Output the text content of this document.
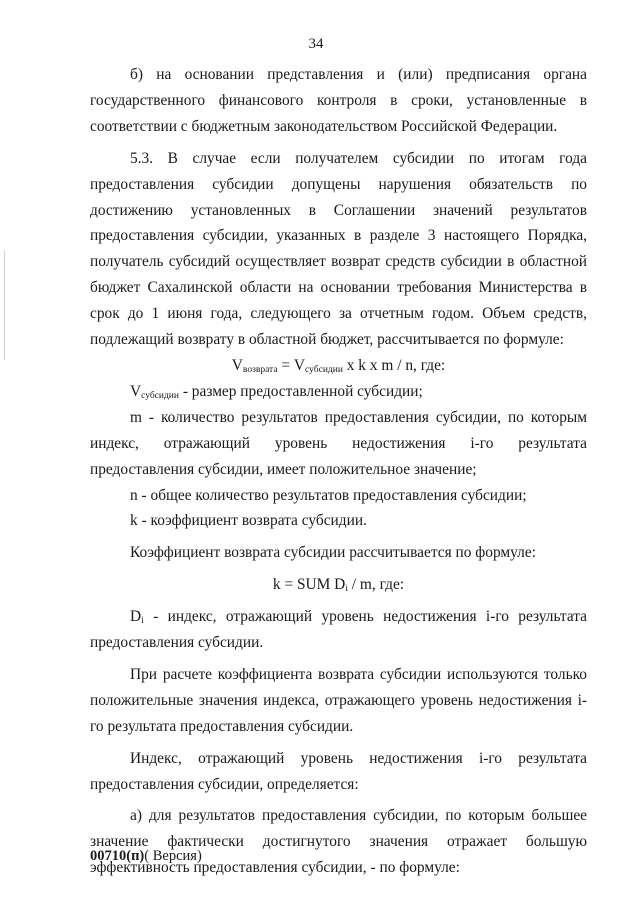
34

б) на основании представления и (или) предписания органа государственного финансового контроля в сроки, установленные в соответствии с бюджетным законодательством Российской Федерации.

5.3. В случае если получателем субсидии по итогам года предоставления субсидии допущены нарушения обязательств по достижению установленных в Соглашении значений результатов предоставления субсидии, указанных в разделе 3 настоящего Порядка, получатель субсидий осуществляет возврат средств субсидии в областной бюджет Сахалинской области на основании требования Министерства в срок до 1 июня года, следующего за отчетным годом. Объем средств, подлежащий возврату в областной бюджет, рассчитывается по формуле:

$V_{возврата} = V_{субсидии}$ x k x m / n, где:

$V_{субсидии}$ - размер предоставленной субсидии;

m - количество результатов предоставления субсидии, по которым индекс, отражающий уровень недостижения i-го результата предоставления субсидии, имеет положительное значение;

n - общее количество результатов предоставления субсидии;

k - коэффициент возврата субсидии.

Коэффициент возврата субсидии рассчитывается по формуле:

k = SUM $D_i$ / m, где:

$D_i$ - индекс, отражающий уровень недостижения i-го результата предоставления субсидии.

При расчете коэффициента возврата субсидии используются только положительные значения индекса, отражающего уровень недостижения i-го результата предоставления субсидии.

Индекс, отражающий уровень недостижения i-го результата предоставления субсидии, определяется:

а) для результатов предоставления субсидии, по которым большее значение фактически достигнутого значения отражает большую эффективность предоставления субсидии, - по формуле:

00710(п)( Версия)
